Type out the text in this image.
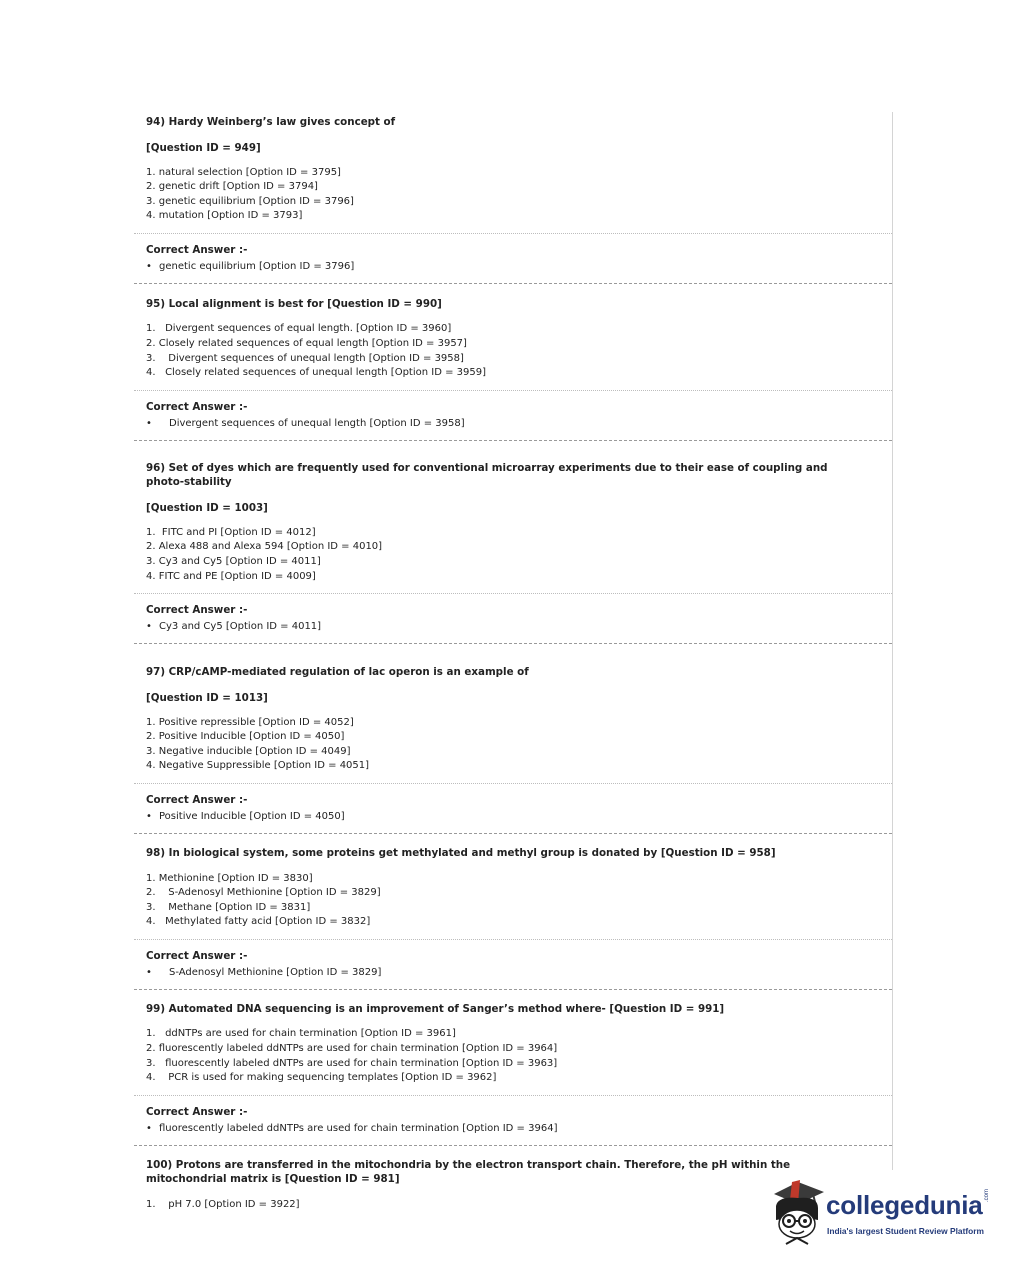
94) Hardy Weinberg’s law gives concept of
[Question ID = 949]
1. natural selection [Option ID = 3795]
2. genetic drift [Option ID = 3794]
3. genetic equilibrium [Option ID = 3796]
4. mutation [Option ID = 3793]
Correct Answer :-
• genetic equilibrium [Option ID = 3796]
95) Local alignment is best for [Question ID = 990]
1.   Divergent sequences of equal length. [Option ID = 3960]
2. Closely related sequences of equal length [Option ID = 3957]
3.    Divergent sequences of unequal length [Option ID = 3958]
4.   Closely related sequences of unequal length [Option ID = 3959]
Correct Answer :-
• Divergent sequences of unequal length [Option ID = 3958]
96) Set of dyes which are frequently used for conventional microarray experiments due to their ease of coupling and photo-stability
[Question ID = 1003]
1.  FITC and PI [Option ID = 4012]
2. Alexa 488 and Alexa 594 [Option ID = 4010]
3. Cy3 and Cy5 [Option ID = 4011]
4. FITC and PE [Option ID = 4009]
Correct Answer :-
• Cy3 and Cy5 [Option ID = 4011]
97) CRP/cAMP-mediated regulation of lac operon is an example of
[Question ID = 1013]
1. Positive repressible [Option ID = 4052]
2. Positive Inducible [Option ID = 4050]
3. Negative inducible [Option ID = 4049]
4. Negative Suppressible [Option ID = 4051]
Correct Answer :-
• Positive Inducible [Option ID = 4050]
98) In biological system, some proteins get methylated and methyl group is donated by [Question ID = 958]
1. Methionine [Option ID = 3830]
2.    S-Adenosyl Methionine [Option ID = 3829]
3.    Methane [Option ID = 3831]
4.   Methylated fatty acid [Option ID = 3832]
Correct Answer :-
• S-Adenosyl Methionine [Option ID = 3829]
99) Automated DNA sequencing is an improvement of Sanger’s method where- [Question ID = 991]
1.   ddNTPs are used for chain termination [Option ID = 3961]
2. fluorescently labeled ddNTPs are used for chain termination [Option ID = 3964]
3.   fluorescently labeled dNTPs are used for chain termination [Option ID = 3963]
4.    PCR is used for making sequencing templates [Option ID = 3962]
Correct Answer :-
• fluorescently labeled ddNTPs are used for chain termination [Option ID = 3964]
100) Protons are transferred in the mitochondria by the electron transport chain. Therefore, the pH within the mitochondrial matrix is [Question ID = 981]
1.    pH 7.0 [Option ID = 3922]	collegedunia .com
India's largest Student Review Platform
